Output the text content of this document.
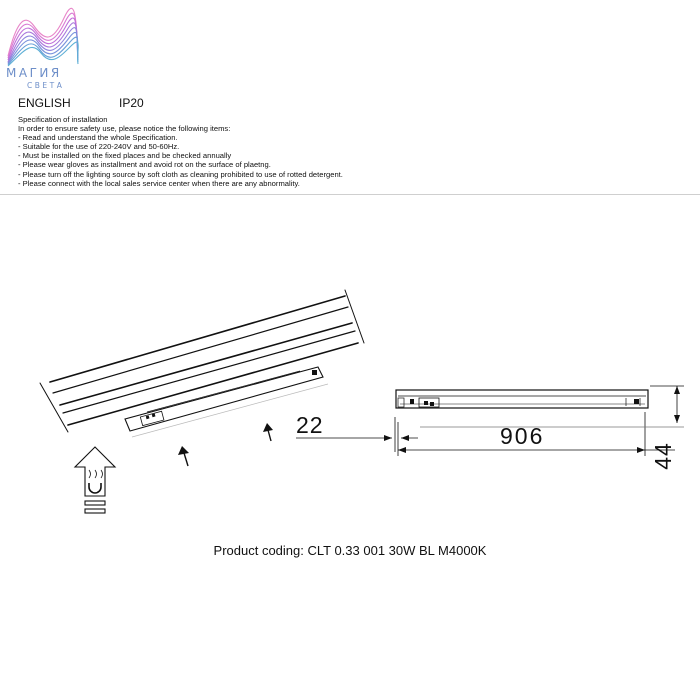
МАГИЯ
СВЕТА
ENGLISH	IP20
Specification of installation
In order to ensure safety use, please notice the following items:
- Read and understand the whole Specification.
- Suitable for the use of 220-240V and 50-60Hz.
- Must be installed on the fixed places and be checked annually
- Please wear gloves as installment and avoid rot on the surface of plaetng.
- Please turn off the lighting source by soft cloth as cleaning prohibited to use of rotted detergent.
- Please connect with the local sales service center when there are any abnormality.
22	906
44
Product coding: CLT 0.33 001 30W BL M4000K
